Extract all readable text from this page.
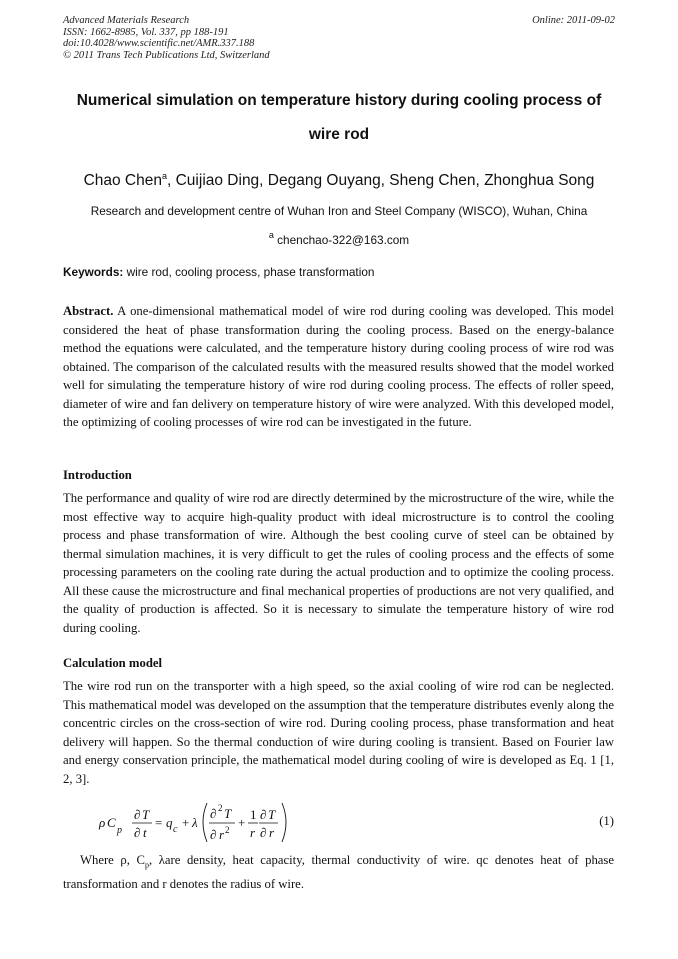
Advanced Materials Research
ISSN: 1662-8985, Vol. 337, pp 188-191
doi:10.4028/www.scientific.net/AMR.337.188
© 2011 Trans Tech Publications Ltd, Switzerland
Online: 2011-09-02
Numerical simulation on temperature history during cooling process of
wire rod
Chao Chen$^a$, Cuijiao Ding, Degang Ouyang, Sheng Chen, Zhonghua Song
Research and development centre of Wuhan Iron and Steel Company (WISCO), Wuhan, China
$^a$ chenchao-322@163.com
Keywords: wire rod, cooling process, phase transformation
Abstract. A one-dimensional mathematical model of wire rod during cooling was developed. This model considered the heat of phase transformation during the cooling process. Based on the energy-balance method the equations were calculated, and the temperature history during cooling process of wire rod was obtained. The comparison of the calculated results with the measured results showed that the model worked well for simulating the temperature history of wire rod during cooling process. The effects of roller speed, diameter of wire and fan delivery on temperature history of wire were analyzed. With this developed model, the optimizing of cooling processes of wire rod can be investigated in the future.
Introduction
The performance and quality of wire rod are directly determined by the microstructure of the wire, while the most effective way to acquire high-quality product with ideal microstructure is to control the cooling process and phase transformation of wire. Although the best cooling curve of steel can be obtained by thermal simulation machines, it is very difficult to get the rules of cooling process and the effects of some processing parameters on the cooling rate during the actual production and to optimize the cooling process. All these cause the microstructure and final mechanical properties of productions are not very qualified, and the quality of production is affected. So it is necessary to simulate the temperature history of wire rod during cooling.
Calculation model
The wire rod run on the transporter with a high speed, so the axial cooling of wire rod can be neglected. This mathematical model was developed on the assumption that the temperature distributes evenly along the concentric circles on the cross-section of wire rod. During cooling process, phase transformation and heat delivery will happen. So the thermal conduction of wire during cooling is transient. Based on Fourier law and energy conservation principle, the mathematical model during cooling of wire is developed as Eq. 1 [1, 2, 3].
ρ C
p
∂ T
∂ t
= q c + λ
∂ 2 T
∂ r 2 +
1
r
∂ T
∂ r
(1)
Where ρ, $C_p$, λare density, heat capacity, thermal conductivity of wire. qc denotes heat of phase transformation and r denotes the radius of wire.
